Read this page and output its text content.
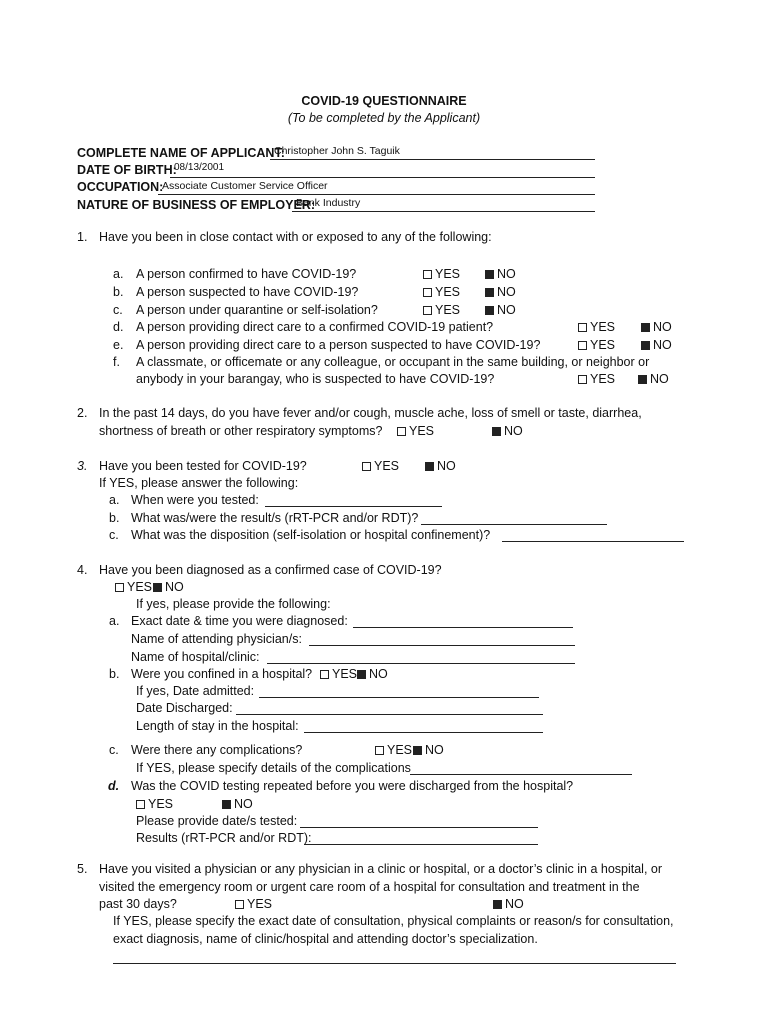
COVID-19 QUESTIONNAIRE
(To be completed by the Applicant)
COMPLETE NAME OF APPLICANT:
Christopher John S. Taguik
DATE OF BIRTH:
08/13/2001
OCCUPATION:
Associate Customer Service Officer
NATURE OF BUSINESS OF EMPLOYER:
Bank Industry
1. Have you been in close contact with or exposed to any of the following:
a. A person confirmed to have COVID-19?	YES	NO
b. A person suspected to have COVID-19?	YES	NO
c. A person under quarantine or self-isolation?	YES	NO
d. A person providing direct care to a confirmed COVID-19 patient?	YES	NO
e. A person providing direct care to a person suspected to have COVID-19?	YES	NO
f. A classmate, or officemate or any colleague, or occupant in the same building, or neighbor or
anybody in your barangay, who is suspected to have COVID-19?	YES	NO
2. In the past 14 days, do you have fever and/or cough, muscle ache, loss of smell or taste, diarrhea,
shortness of breath or other respiratory symptoms?	YES	NO
3. Have you been tested for COVID-19?	YES	NO
If YES, please answer the following:
a. When were you tested:
b. What was/were the result/s (rRT-PCR and/or RDT)?
c. What was the disposition (self-isolation or hospital confinement)?
4. Have you been diagnosed as a confirmed case of COVID-19?
YES	NO
If yes, please provide the following:
a. Exact date & time you were diagnosed:
Name of attending physician/s:
Name of hospital/clinic:
b. Were you confined in a hospital?	YES NO
If yes, Date admitted:
Date Discharged:
Length of stay in the hospital:
c. Were there any complications?	YES	NO
If YES, please specify details of the complications
d. Was the COVID testing repeated before you were discharged from the hospital?
YES	NO
Please provide date/s tested:
Results (rRT-PCR and/or RDT):
5. Have you visited a physician or any physician in a clinic or hospital, or a doctor’s clinic in a hospital, or
visited the emergency room or urgent care room of a hospital for consultation and treatment in the
past 30 days?	YES	NO
If YES, please specify the exact date of consultation, physical complaints or reason/s for consultation,
exact diagnosis, name of clinic/hospital and attending doctor’s specialization.
